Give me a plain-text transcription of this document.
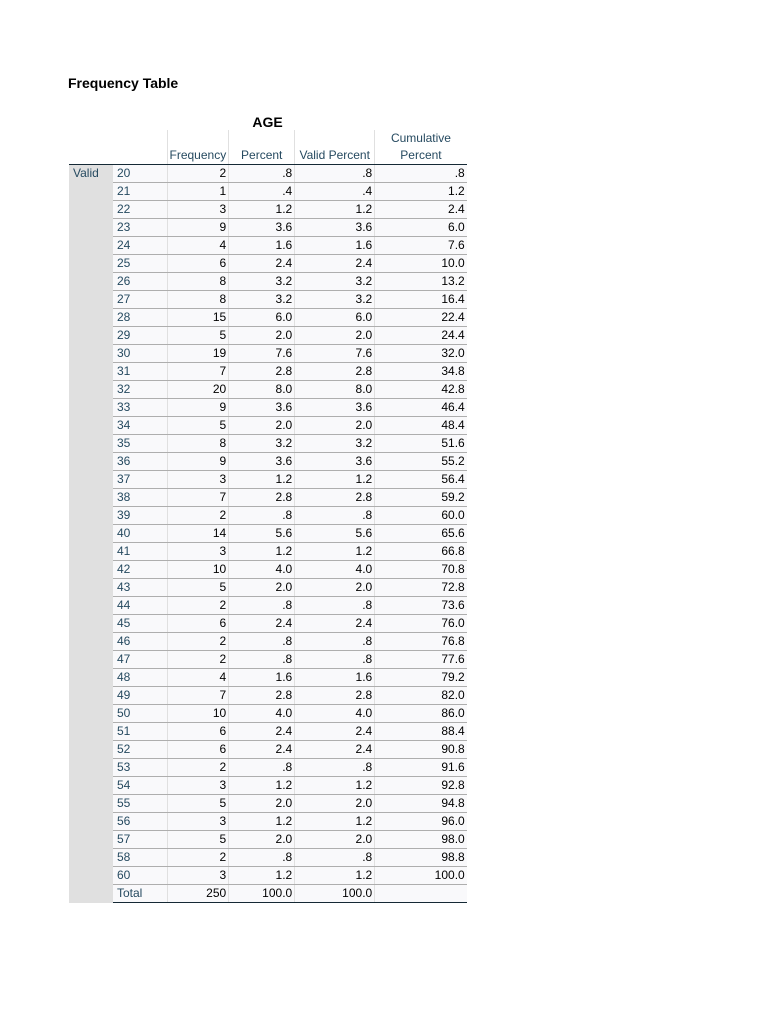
Frequency Table
AGE
					Cumulative
		Frequency	Percent	Valid Percent	Percent
Valid	20	2	.8	.8	.8
	21	1	.4	.4	1.2
	22	3	1.2	1.2	2.4
	23	9	3.6	3.6	6.0
	24	4	1.6	1.6	7.6
	25	6	2.4	2.4	10.0
	26	8	3.2	3.2	13.2
	27	8	3.2	3.2	16.4
	28	15	6.0	6.0	22.4
	29	5	2.0	2.0	24.4
	30	19	7.6	7.6	32.0
	31	7	2.8	2.8	34.8
	32	20	8.0	8.0	42.8
	33	9	3.6	3.6	46.4
	34	5	2.0	2.0	48.4
	35	8	3.2	3.2	51.6
	36	9	3.6	3.6	55.2
	37	3	1.2	1.2	56.4
	38	7	2.8	2.8	59.2
	39	2	.8	.8	60.0
	40	14	5.6	5.6	65.6
	41	3	1.2	1.2	66.8
	42	10	4.0	4.0	70.8
	43	5	2.0	2.0	72.8
	44	2	.8	.8	73.6
	45	6	2.4	2.4	76.0
	46	2	.8	.8	76.8
	47	2	.8	.8	77.6
	48	4	1.6	1.6	79.2
	49	7	2.8	2.8	82.0
	50	10	4.0	4.0	86.0
	51	6	2.4	2.4	88.4
	52	6	2.4	2.4	90.8
	53	2	.8	.8	91.6
	54	3	1.2	1.2	92.8
	55	5	2.0	2.0	94.8
	56	3	1.2	1.2	96.0
	57	5	2.0	2.0	98.0
	58	2	.8	.8	98.8
	60	3	1.2	1.2	100.0
	Total	250	100.0	100.0	
